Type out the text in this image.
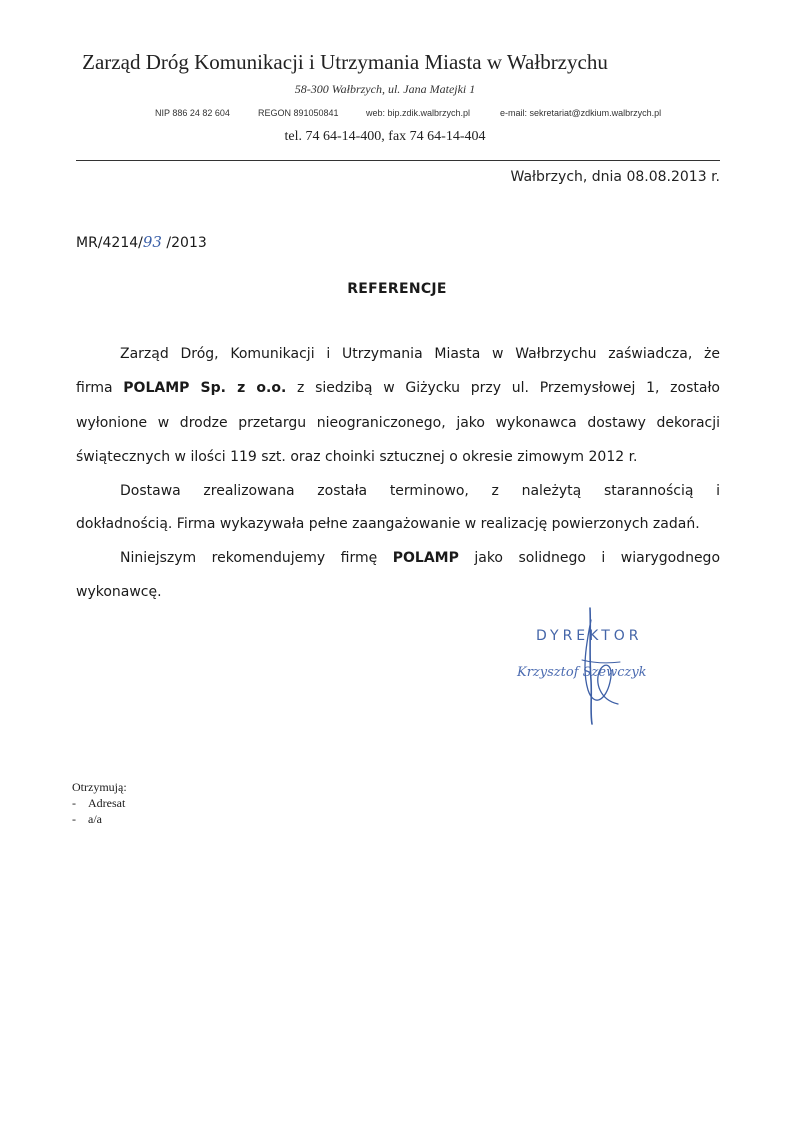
Zarząd Dróg Komunikacji i Utrzymania Miasta w Wałbrzychu
58-300 Wałbrzych, ul. Jana Matejki 1
NIP 886 24 82 604	REGON 891050841	web: bip.zdik.walbrzych.pl	e-mail: sekretariat@zdkium.walbrzych.pl
tel. 74 64-14-400, fax 74 64-14-404
Wałbrzych, dnia 08.08.2013 r.
MR/4214/93 /2013
REFERENCJE
Zarząd Dróg, Komunikacji i Utrzymania Miasta w Wałbrzychu zaświadcza, że
firma POLAMP Sp. z o.o. z siedzibą w Giżycku przy ul. Przemysłowej 1, zostało
wyłonione w drodze przetargu nieograniczonego, jako wykonawca dostawy dekoracji
świątecznych w ilości 119 szt. oraz choinki sztucznej o okresie zimowym 2012 r.
Dostawa zrealizowana została terminowo, z należytą starannością i
dokładnością. Firma wykazywała pełne zaangażowanie w realizację powierzonych zadań.
Niniejszym rekomendujemy firmę POLAMP jako solidnego i wiarygodnego
wykonawcę.
DYREKTOR
Krzysztof Szewczyk
Otrzymują:
- Adresat
- a/a
